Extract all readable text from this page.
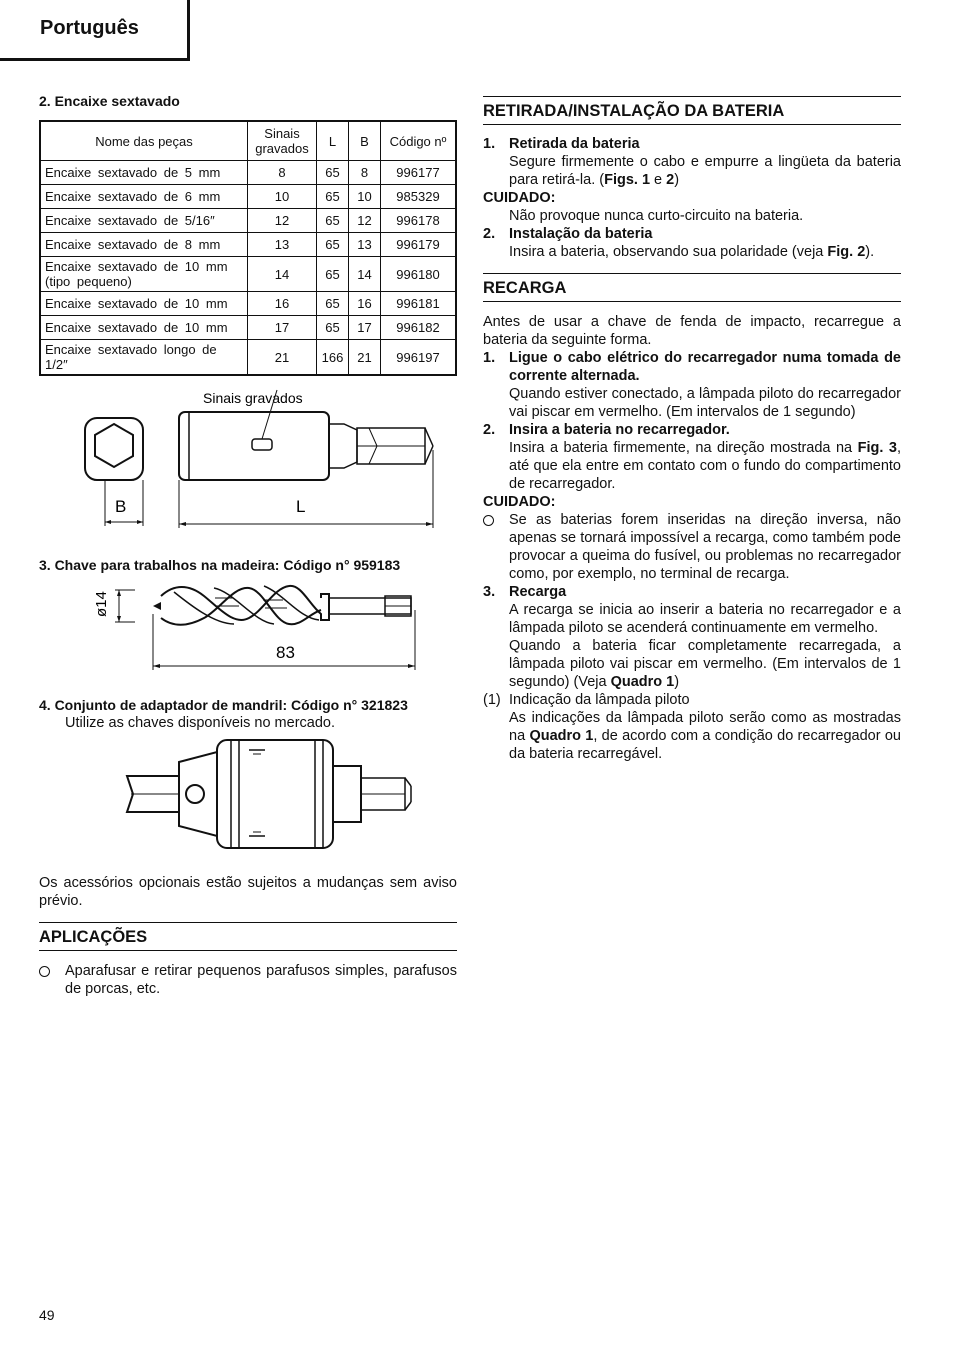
Português

2. Encaixe sextavado

Nome das peças	Sinais gravados	L	B	Código nº
Encaixe sextavado de 5 mm	8	65	8	996177
Encaixe sextavado de 6 mm	10	65	10	985329
Encaixe sextavado de 5/16″	12	65	12	996178
Encaixe sextavado de 8 mm	13	65	13	996179
Encaixe sextavado de 10 mm (tipo pequeno)	14	65	14	996180
Encaixe sextavado de 10 mm	16	65	16	996181
Encaixe sextavado de 10 mm	17	65	17	996182
Encaixe sextavado longo de 1/2″	21	166	21	996197
Sinais gravados
B	L

3. Chave para trabalhos na madeira: Código n° 959183

ø14
83

4. Conjunto de adaptador de mandril: Código n° 321823

Utilize as chaves disponíveis no mercado.

Os acessórios opcionais estão sujeitos a mudanças sem aviso prévio.

APLICAÇÕES
Aparafusar e retirar pequenos parafusos simples, parafusos de porcas, etc.
RETIRADA/INSTALAÇÃO DA BATERIA
1. Retirada da bateria

Segure firmemente o cabo e empurre a lingüeta da bateria para retirá-la. (Figs. 1 e 2)

CUIDADO:

Não provoque nunca curto-circuito na bateria.

2. Instalação da bateria

Insira a bateria, observando sua polaridade (veja Fig. 2).

RECARGA

Antes de usar a chave de fenda de impacto, recarregue a bateria da seguinte forma.

1. Ligue o cabo elétrico do recarregador numa tomada de corrente alternada.

Quando estiver conectado, a lâmpada piloto do recarregador vai piscar em vermelho. (Em intervalos de 1 segundo)

2. Insira a bateria no recarregador.

Insira a bateria firmemente, na direção mostrada na Fig. 3, até que ela entre em contato com o fundo do compartimento de recarregador.

CUIDADO:

Se as baterias forem inseridas na direção inversa, não apenas se tornará impossível a recarga, como também pode provocar a queima do fusível, ou problemas no recarregador como, por exemplo, no terminal de recarga.
3. Recarga

A recarga se inicia ao inserir a bateria no recarregador e a lâmpada piloto se acenderá continuamente em vermelho.

Quando a bateria ficar completamente recarregada, a lâmpada piloto vai piscar em vermelho. (Em intervalos de 1 segundo) (Veja Quadro 1)

(1) Indicação da lâmpada piloto

As indicações da lâmpada piloto serão como as mostradas na Quadro 1, de acordo com a condição do recarregador ou da bateria recarregável.

49
